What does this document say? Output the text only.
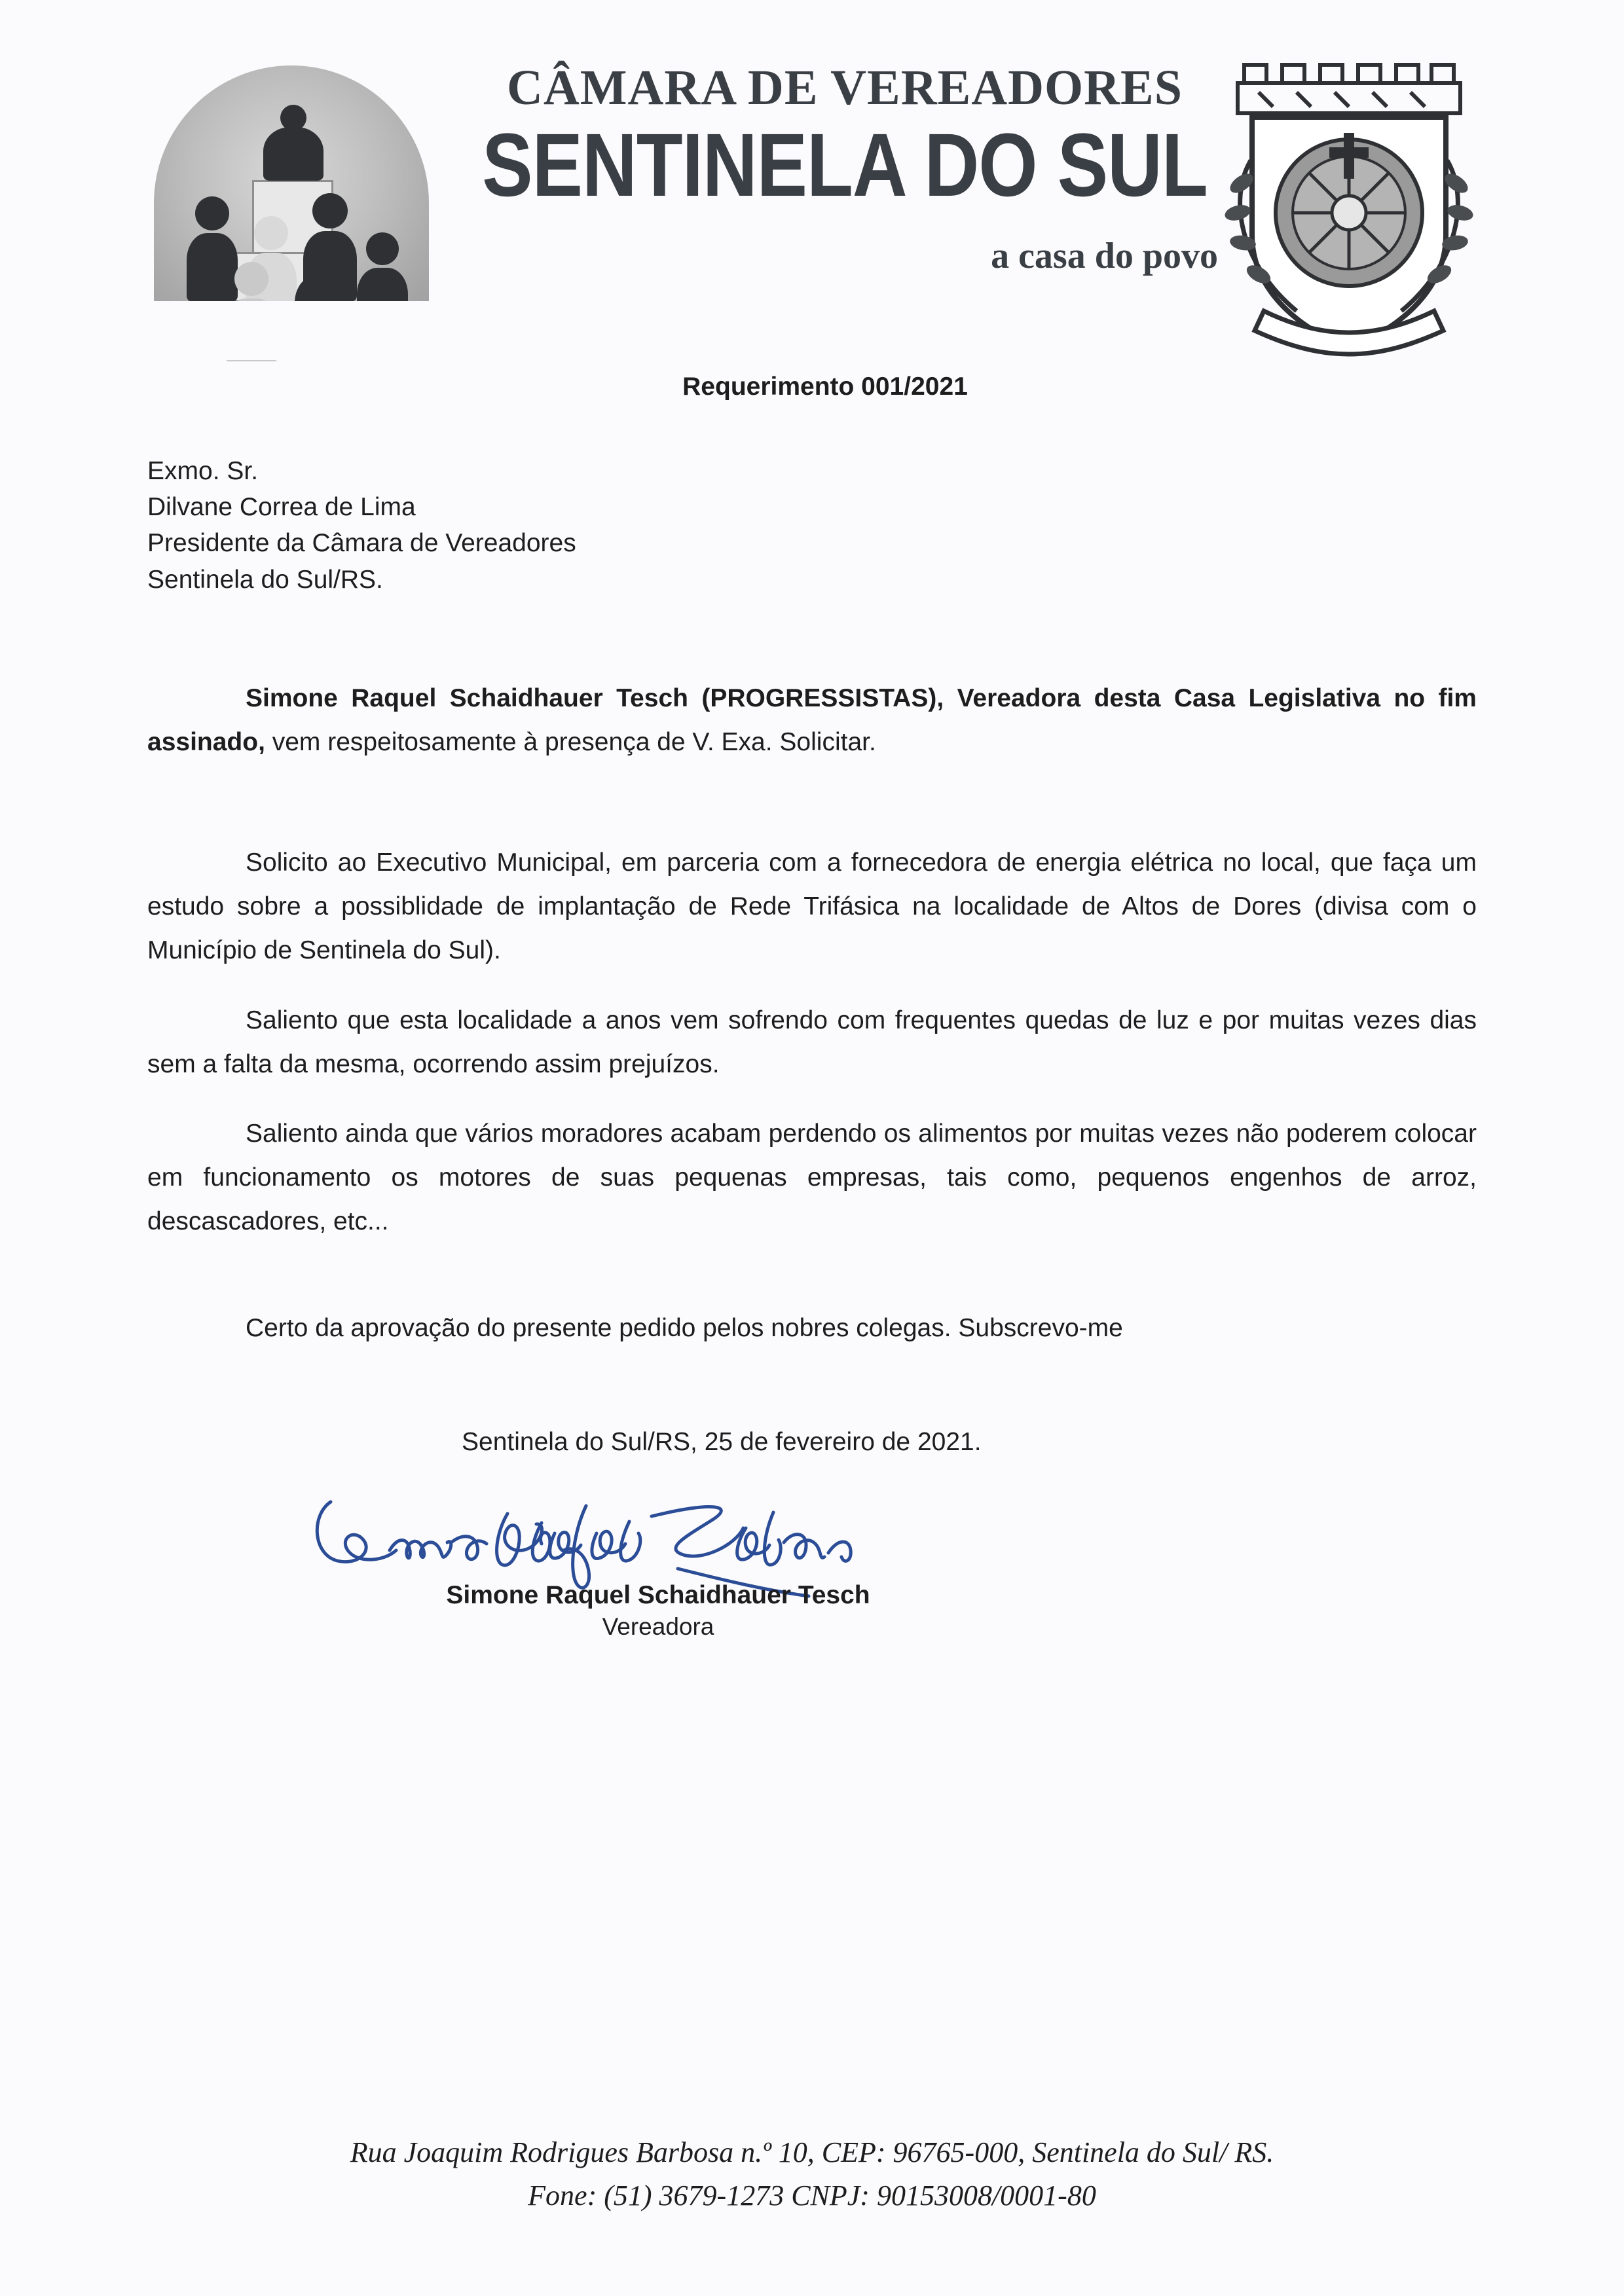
CÂMARA DE VEREADORES
SENTINELA DO SUL
a casa do povo
Requerimento 001/2021
Exmo. Sr.
Dilvane Correa de Lima
Presidente da Câmara de Vereadores
Sentinela do Sul/RS.

Simone Raquel Schaidhauer Tesch (PROGRESSISTAS), Vereadora desta Casa Legislativa no fim assinado, vem respeitosamente à presença de V. Exa. Solicitar.

Solicito ao Executivo Municipal, em parceria com a fornecedora de energia elétrica no local, que faça um estudo sobre a possiblidade de implantação de Rede Trifásica na localidade de Altos de Dores (divisa com o Município de Sentinela do Sul).

Saliento que esta localidade a anos vem sofrendo com frequentes quedas de luz e por muitas vezes dias sem a falta da mesma, ocorrendo assim prejuízos.

Saliento ainda que vários moradores acabam perdendo os alimentos por muitas vezes não poderem colocar em funcionamento os motores de suas pequenas empresas, tais como, pequenos engenhos de arroz, descascadores, etc...

Certo da aprovação do presente pedido pelos nobres colegas. Subscrevo-me

Sentinela do Sul/RS, 25 de fevereiro de 2021.
Simone Raquel Schaidhauer Tesch
Vereadora
Rua Joaquim Rodrigues Barbosa n.º 10, CEP: 96765-000, Sentinela do Sul/ RS.
Fone: (51) 3679-1273 CNPJ: 90153008/0001-80
